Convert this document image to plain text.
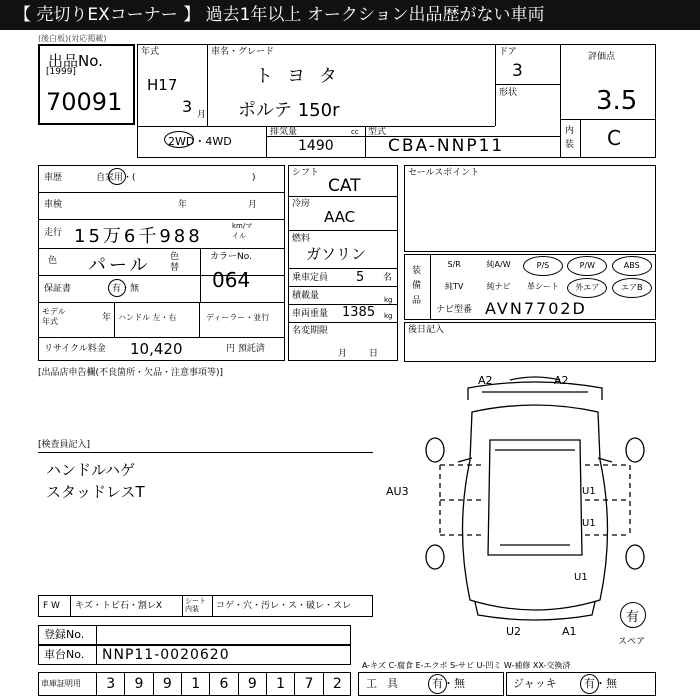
【 売切りEXコーナー 】 過去1年以上 オークション出品歴がない車両
(後白板)(対応掲載)
出品No.
[1999]
70091
年式
H17
3 月
車名・グレード
トヨタ
ポルテ 150r
ドア
3
形状
評価点
3.5
内装 C
2WD・4WD
排気量	cc
1490
型式
CBA-NNP11
車歴	自家用・(	)
車検	年	月
走行 15万6千988	km/マイル
色 パール 色替
カラーNo.
064
保証書	有・無
モデル年式	年 ハンドル 左・右	ディーラー・並行
リサイクル料金 10,420	円 預託済
シフト
CAT
冷房
AAC
燃料
ガソリン
乗車定員 5 名
積載量	kg
車両重量 1385 kg
名変期限
月日
セールスポイント
装備品
S/R	純A/W	P/S	P/W	ABS
純TV	純ナビ	革シート	外エア	エアB
ナビ型番 AVN7702D
後日記入
[出品店申告欄(不良箇所・欠品・注意事項等)]
[検査員記入]
ハンドルハゲ
スタッドレスT
A2	A2
AU3	U1
U1
U1
U2	A1
有
スペア
F W キズ・トビ石・割レX	シート内装	コゲ・穴・汚レ・ス・破レ・スレ
登録No.
車台No. NNP11-0020620
車庫証明用	3	9	9	1	6	9	1	7	2
A-キズ C-腐食 E-エクボ S-サビ U-凹ミ W-補修 XX-交換済
工具 有・無	ジャッキ 有・無
